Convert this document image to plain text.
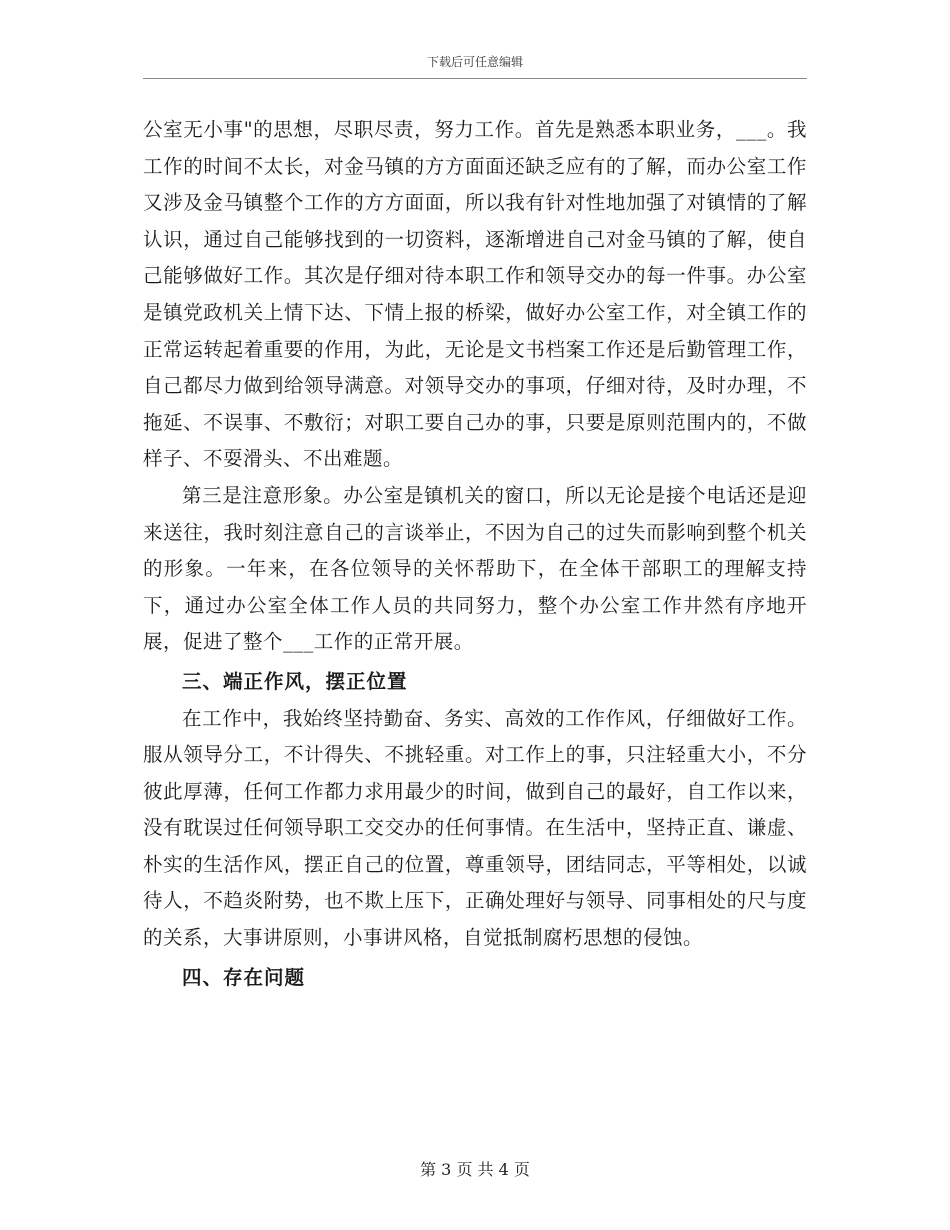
下载后可任意编辑

公室无小事"的思想，尽职尽责，努力工作。首先是熟悉本职业务，___。我工作的时间不太长，对金马镇的方方面面还缺乏应有的了解，而办公室工作又涉及金马镇整个工作的方方面面，所以我有针对性地加强了对镇情的了解认识，通过自己能够找到的一切资料，逐渐增进自己对金马镇的了解，使自己能够做好工作。其次是仔细对待本职工作和领导交办的每一件事。办公室是镇党政机关上情下达、下情上报的桥梁，做好办公室工作，对全镇工作的正常运转起着重要的作用，为此，无论是文书档案工作还是后勤管理工作，自己都尽力做到给领导满意。对领导交办的事项，仔细对待，及时办理，不拖延、不误事、不敷衍；对职工要自己办的事，只要是原则范围内的，不做样子、不耍滑头、不出难题。

第三是注意形象。办公室是镇机关的窗口，所以无论是接个电话还是迎来送往，我时刻注意自己的言谈举止，不因为自己的过失而影响到整个机关的形象。一年来，在各位领导的关怀帮助下，在全体干部职工的理解支持下，通过办公室全体工作人员的共同努力，整个办公室工作井然有序地开展，促进了整个___工作的正常开展。

三、端正作风，摆正位置

在工作中，我始终坚持勤奋、务实、高效的工作作风，仔细做好工作。服从领导分工，不计得失、不挑轻重。对工作上的事，只注轻重大小，不分彼此厚薄，任何工作都力求用最少的时间，做到自己的最好，自工作以来，没有耽误过任何领导职工交交办的任何事情。在生活中，坚持正直、谦虚、朴实的生活作风，摆正自己的位置，尊重领导，团结同志，平等相处，以诚待人，不趋炎附势，也不欺上压下，正确处理好与领导、同事相处的尺与度的关系，大事讲原则，小事讲风格，自觉抵制腐朽思想的侵蚀。

四、存在问题
第 3 页 共 4 页
